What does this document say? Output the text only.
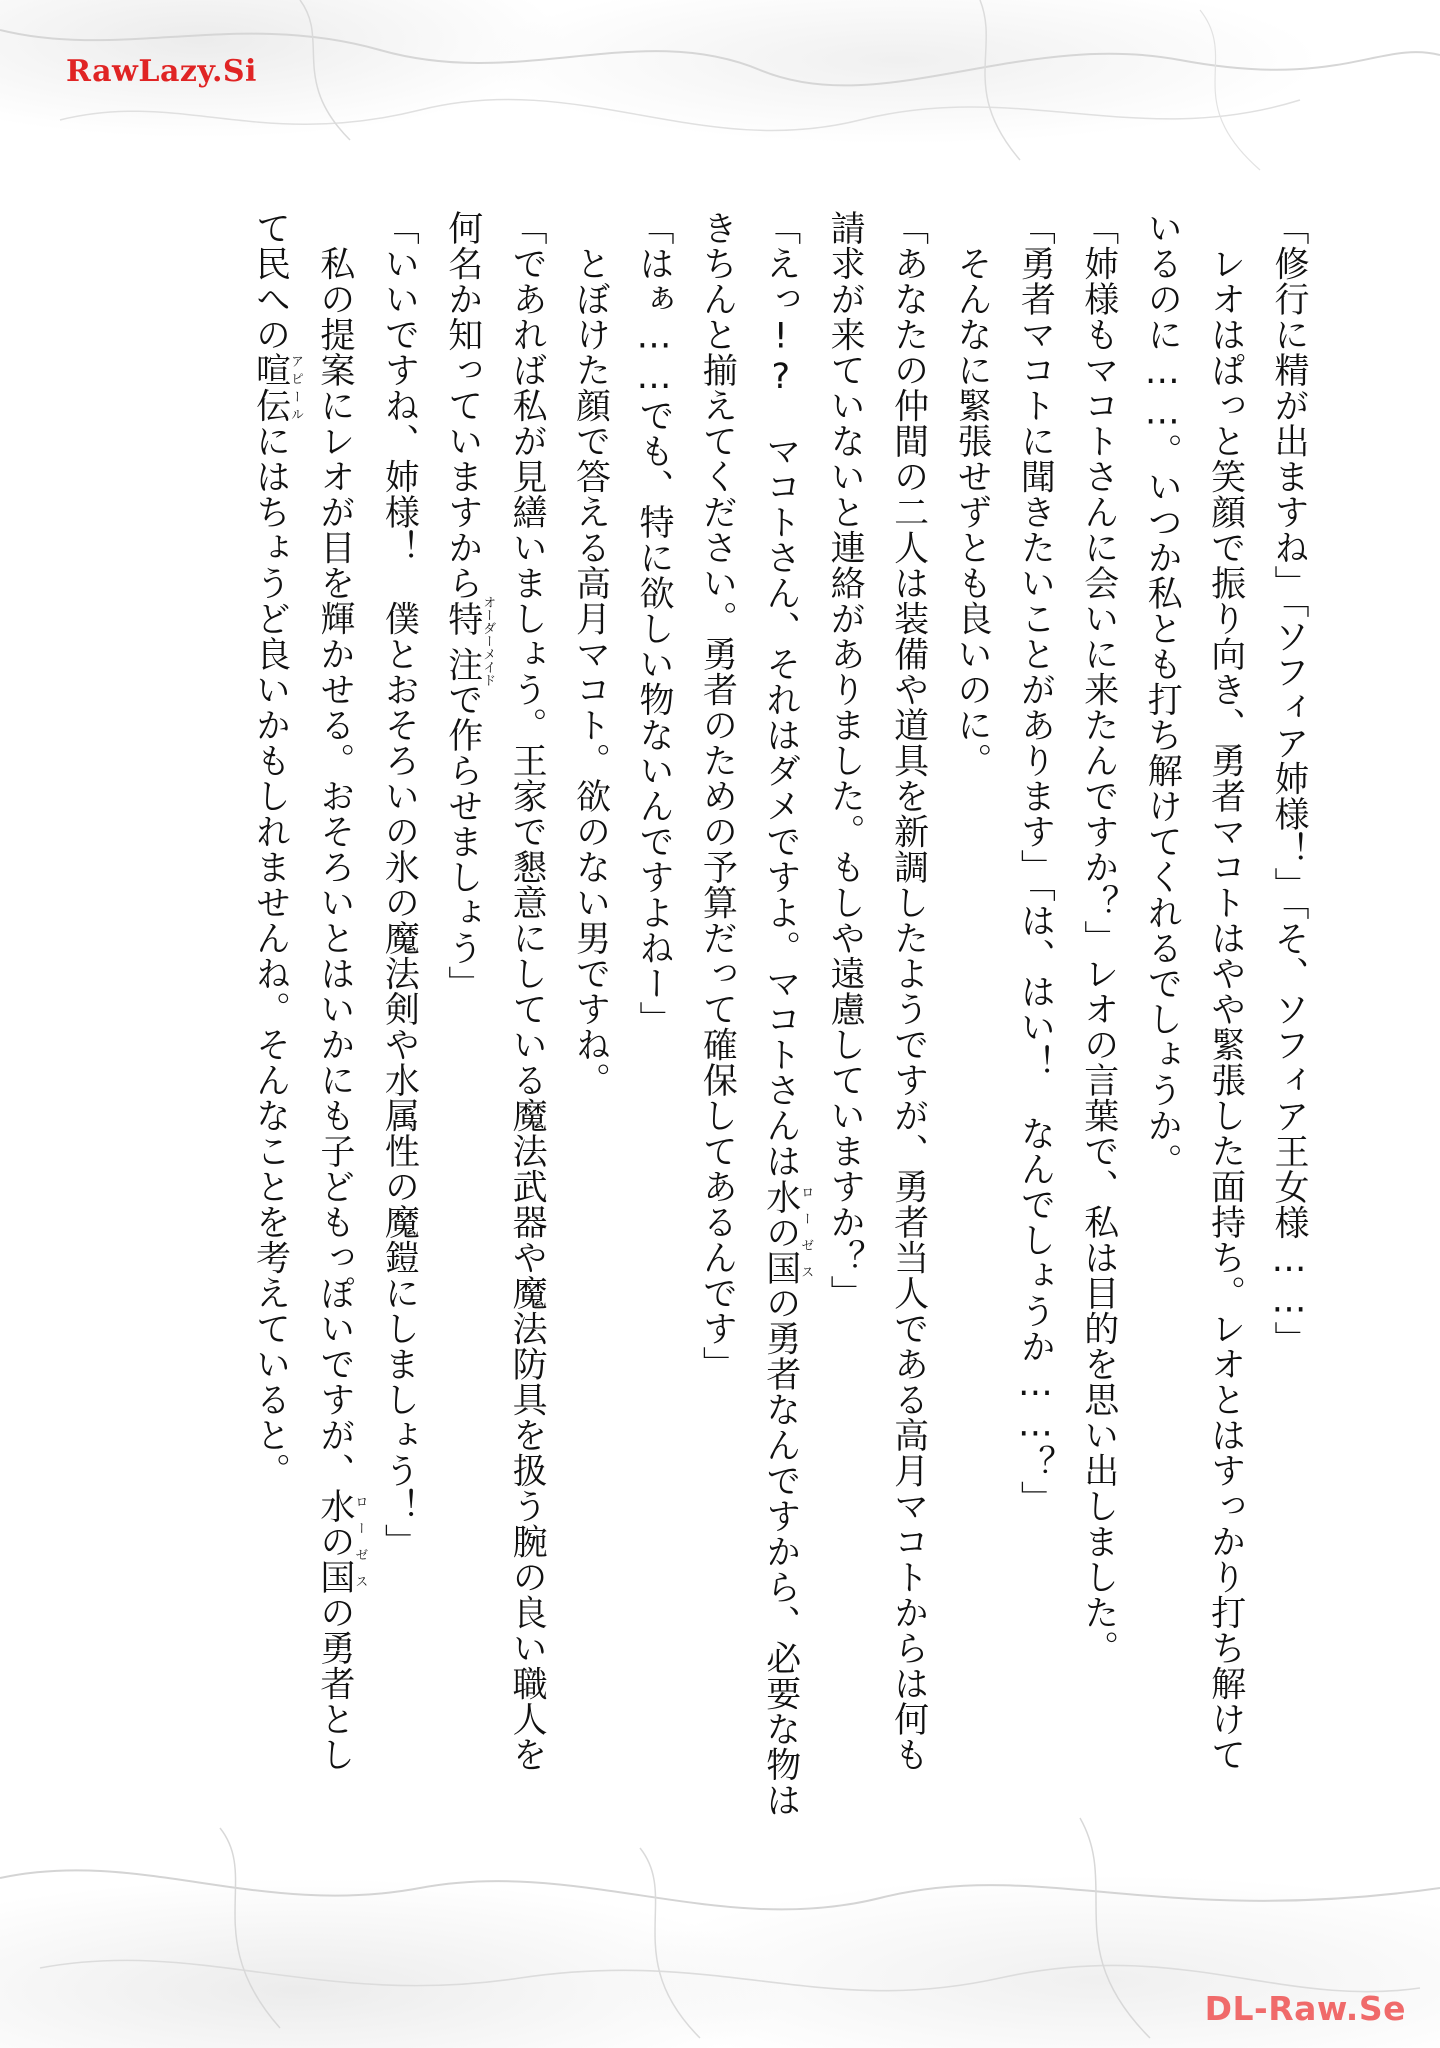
RawLazy.Si
DL-Raw.Se

「修行に精が出ますね」「ソフィア姉様！」「そ、ソフィア王女様……」

　レオはぱっと笑顔で振り向き、勇者マコトはやや緊張した面持ち。レオとはすっかり打ち解けて

いるのに……。いつか私とも打ち解けてくれるでしょうか。

「姉様もマコトさんに会いに来たんですか？」レオの言葉で、私は目的を思い出しました。

「勇者マコトに聞きたいことがあります」「は、はい！　なんでしょうか……？」

　そんなに緊張せずとも良いのに。

「あなたの仲間の二人は装備や道具を新調したようですが、勇者当人である高月マコトからは何も

請求が来ていないと連絡がありました。もしや遠慮していますか？」

「えっ!?　マコトさん、それはダメですよ。マコトさんは水の国ローゼスの勇者なんですから、必要な物は

きちんと揃えてください。勇者のための予算だって確保してあるんです」

「はぁ……でも、特に欲しい物ないんですよねー」

　とぼけた顔で答える高月マコト。欲のない男ですね。

「であれば私が見繕いましょう。王家で懇意にしている魔法武器や魔法防具を扱う腕の良い職人を

何名か知っていますから特注オーダーメイドで作らせましょう」

「いいですね、姉様！　僕とおそろいの氷の魔法剣や水属性の魔鎧にしましょう！」

　私の提案にレオが目を輝かせる。おそろいとはいかにも子どもっぽいですが、水の国ローゼスの勇者とし

て民への喧伝アピールにはちょうど良いかもしれませんね。そんなことを考えていると。
